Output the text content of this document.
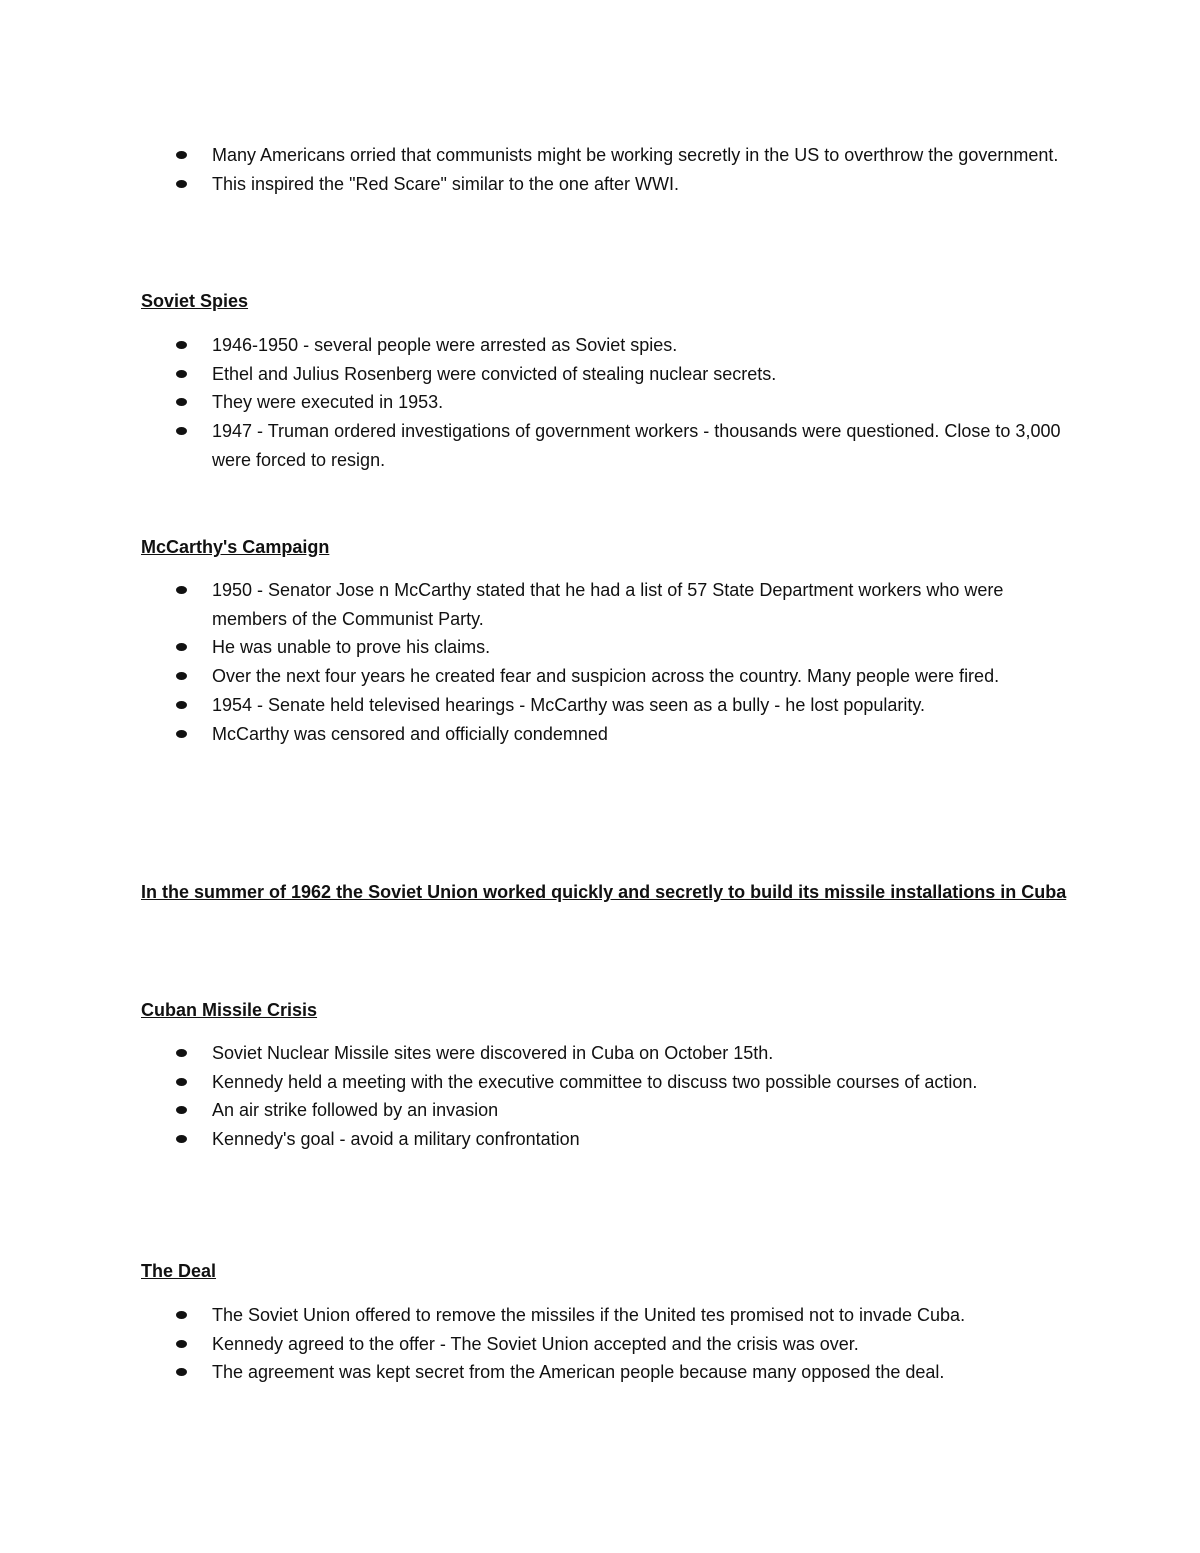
Many Americans orried that communists might be working secretly in the US to overthrow the government.
This inspired the "Red Scare" similar to the one after WWI.
Soviet Spies
1946-1950 - several people were arrested as Soviet spies.
Ethel and Julius Rosenberg were convicted of stealing nuclear secrets.
They were executed in 1953.
1947 - Truman ordered investigations of government workers - thousands were questioned. Close to 3,000 were forced to resign.
McCarthy's Campaign
1950 - Senator Jose n McCarthy stated that he had a list of 57 State Department workers who were members of the Communist Party.
He was unable to prove his claims.
Over the next four years he created fear and suspicion across the country. Many people were fired.
1954 - Senate held televised hearings - McCarthy was seen as a bully - he lost popularity.
McCarthy was censored and officially condemned
In the summer of 1962 the Soviet Union worked quickly and secretly to build its missile installations in Cuba
Cuban Missile Crisis
Soviet Nuclear Missile sites were discovered in Cuba on October 15th.
Kennedy held a meeting with the executive committee to discuss two possible courses of action.
An air strike followed by an invasion
Kennedy's goal - avoid a military confrontation
The Deal
The Soviet Union offered to remove the missiles if the United tes promised not to invade Cuba.
Kennedy agreed to the offer - The Soviet Union accepted and the crisis was over.
The agreement was kept secret from the American people because many opposed the deal.
